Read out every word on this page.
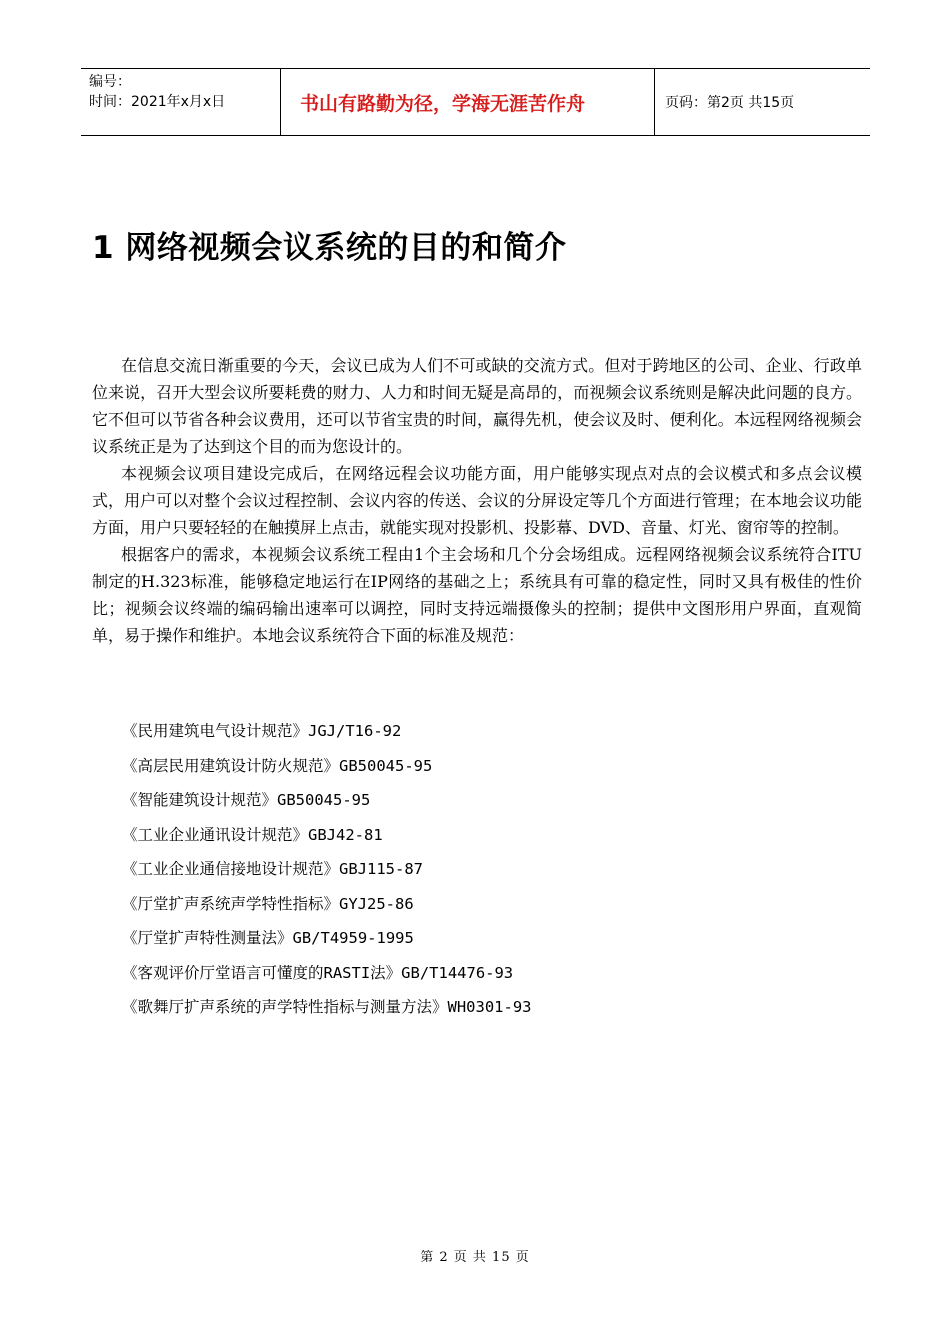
编号：
时间：2021年x月x日	书山有路勤为径，学海无涯苦作舟	页码：第2页 共15页
1 网络视频会议系统的目的和简介

在信息交流日渐重要的今天，会议已成为人们不可或缺的交流方式。但对于跨地区的公司、企业、行政单位来说，召开大型会议所要耗费的财力、人力和时间无疑是高昂的，而视频会议系统则是解决此问题的良方。它不但可以节省各种会议费用，还可以节省宝贵的时间，赢得先机，使会议及时、便利化。本远程网络视频会议系统正是为了达到这个目的而为您设计的。

本视频会议项目建设完成后，在网络远程会议功能方面，用户能够实现点对点的会议模式和多点会议模式，用户可以对整个会议过程控制、会议内容的传送、会议的分屏设定等几个方面进行管理；在本地会议功能方面，用户只要轻轻的在触摸屏上点击，就能实现对投影机、投影幕、DVD、音量、灯光、窗帘等的控制。

根据客户的需求，本视频会议系统工程由1个主会场和几个分会场组成。远程网络视频会议系统符合ITU制定的H.323标准，能够稳定地运行在IP网络的基础之上；系统具有可靠的稳定性，同时又具有极佳的性价比；视频会议终端的编码输出速率可以调控，同时支持远端摄像头的控制；提供中文图形用户界面，直观简单，易于操作和维护。本地会议系统符合下面的标准及规范：

《民用建筑电气设计规范》JGJ/T16-92
《高层民用建筑设计防火规范》GB50045-95
《智能建筑设计规范》GB50045-95
《工业企业通讯设计规范》GBJ42-81
《工业企业通信接地设计规范》GBJ115-87
《厅堂扩声系统声学特性指标》GYJ25-86
《厅堂扩声特性测量法》GB/T4959-1995
《客观评价厅堂语言可懂度的RASTI法》GB/T14476-93
《歌舞厅扩声系统的声学特性指标与测量方法》WH0301-93
第 2 页 共 15 页
